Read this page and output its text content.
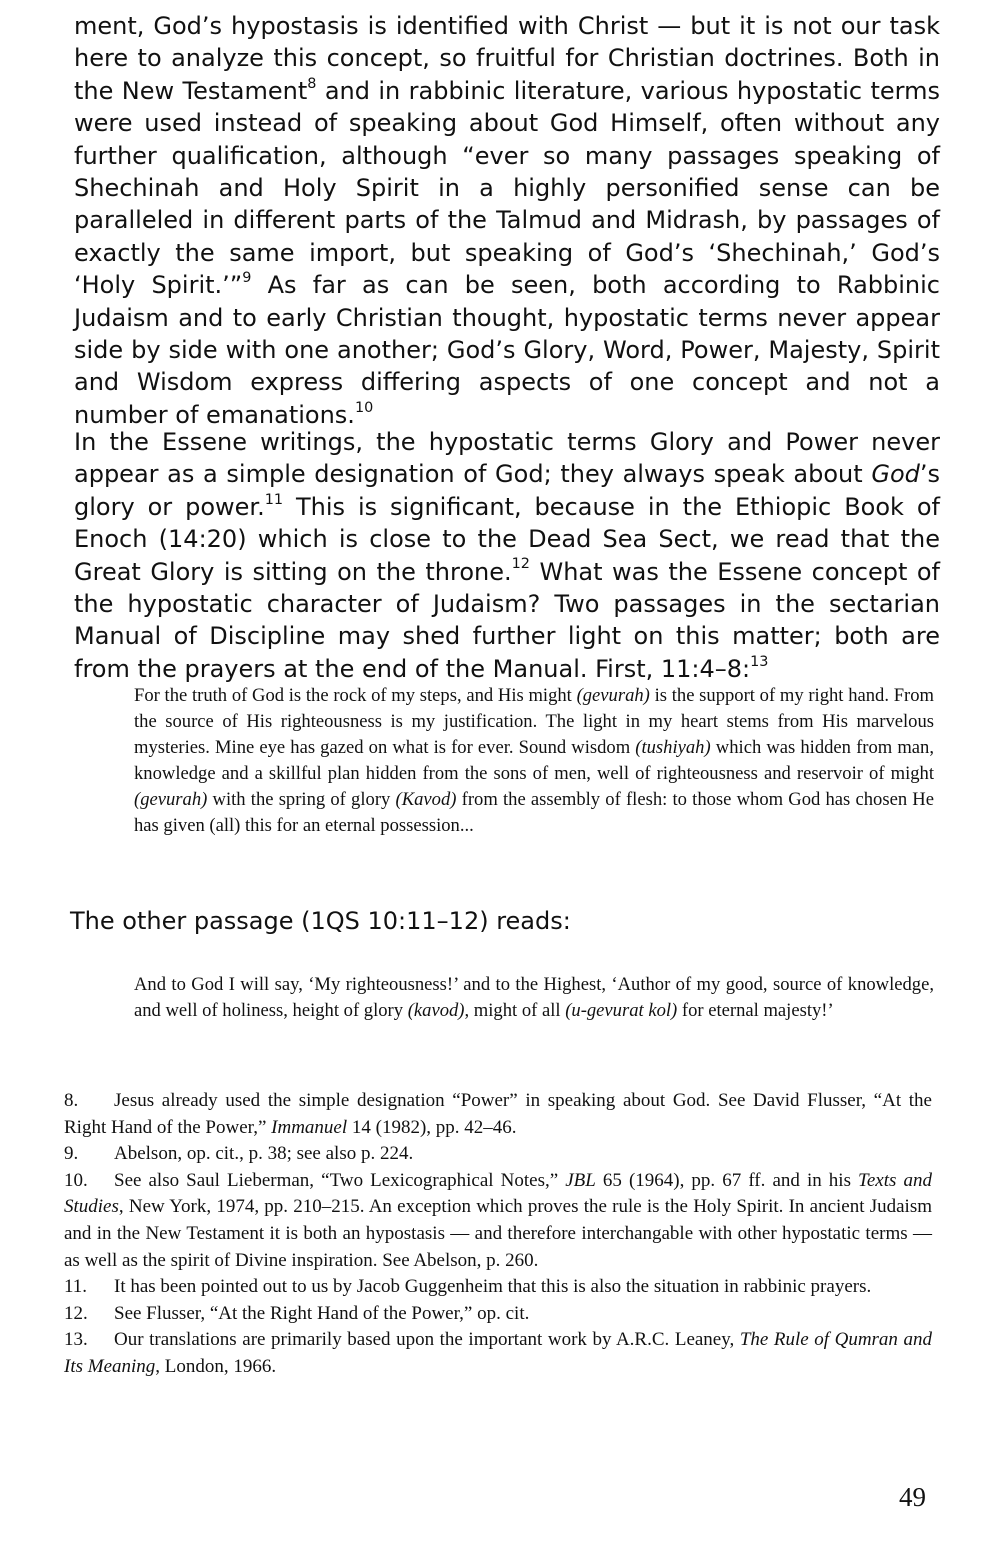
ment, God’s hypostasis is identified with Christ — but it is not our task here to analyze this concept, so fruitful for Christian doctrines. Both in the New Testament$^8$ and in rabbinic literature, various hypostatic terms were used instead of speaking about God Himself, often without any further qualification, although “ever so many passages speaking of Shechinah and Holy Spirit in a highly personified sense can be paralleled in different parts of the Talmud and Midrash, by passages of exactly the same import, but speaking of God’s ‘Shechinah,’ God’s ‘Holy Spirit.’”$^9$ As far as can be seen, both according to Rabbinic Judaism and to early Christian thought, hypostatic terms never appear side by side with one another; God’s Glory, Word, Power, Majesty, Spirit and Wisdom express differing aspects of one concept and not a number of emanations.$^{10}$

In the Essene writings, the hypostatic terms Glory and Power never appear as a simple designation of God; they always speak about God’s glory or power.$^{11}$ This is significant, because in the Ethiopic Book of Enoch (14:20) which is close to the Dead Sea Sect, we read that the Great Glory is sitting on the throne.$^{12}$ What was the Essene concept of the hypostatic character of Judaism? Two passages in the sectarian Manual of Discipline may shed further light on this matter; both are from the prayers at the end of the Manual. First, 11:4–8:$^{13}$

For the truth of God is the rock of my steps, and His might (gevurah) is the support of my right hand. From the source of His righteousness is my justification. The light in my heart stems from His marvelous mysteries. Mine eye has gazed on what is for ever. Sound wisdom (tushiyah) which was hidden from man, knowledge and a skillful plan hidden from the sons of men, well of righteousness and reservoir of might (gevurah) with the spring of glory (Kavod) from the assembly of flesh: to those whom God has chosen He has given (all) this for an eternal possession...

The other passage (1QS 10:11–12) reads:

And to God I will say, ‘My righteousness!’ and to the Highest, ‘Author of my good, source of knowledge, and well of holiness, height of glory (kavod), might of all (u-gevurat kol) for eternal majesty!’

8. Jesus already used the simple designation “Power” in speaking about God. See David Flusser, “At the Right Hand of the Power,” Immanuel 14 (1982), pp. 42–46.

9. Abelson, op. cit., p. 38; see also p. 224.

10. See also Saul Lieberman, “Two Lexicographical Notes,” JBL 65 (1964), pp. 67 ff. and in his Texts and Studies, New York, 1974, pp. 210–215. An exception which proves the rule is the Holy Spirit. In ancient Judaism and in the New Testament it is both an hypostasis — and therefore interchangable with other hypostatic terms — as well as the spirit of Divine inspiration. See Abelson, p. 260.

11. It has been pointed out to us by Jacob Guggenheim that this is also the situation in rabbinic prayers.

12. See Flusser, “At the Right Hand of the Power,” op. cit.

13. Our translations are primarily based upon the important work by A.R.C. Leaney, The Rule of Qumran and Its Meaning, London, 1966.

49
